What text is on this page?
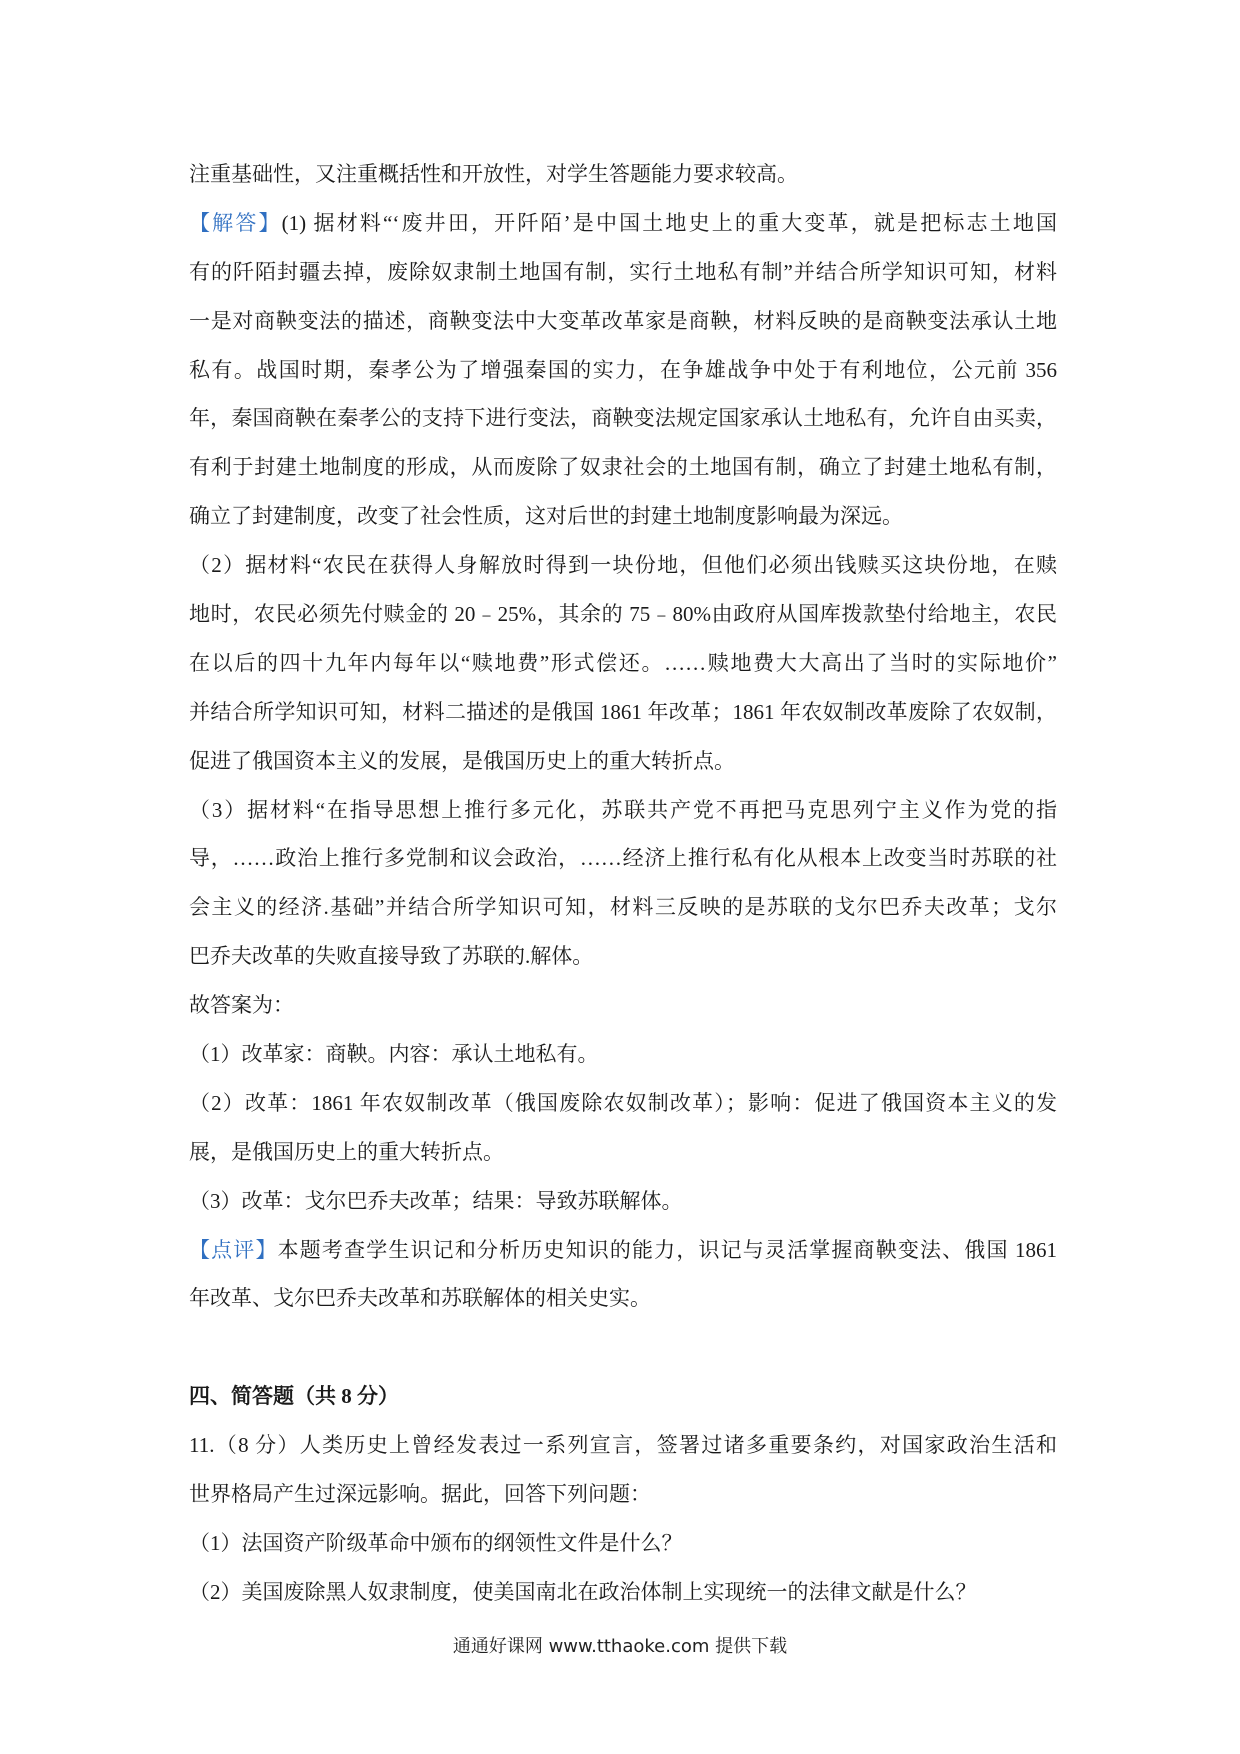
注重基础性，又注重概括性和开放性，对学生答题能力要求较高。

【解答】(1) 据材料“‘废井田，开阡陌’是中国土地史上的重大变革，就是把标志土地国

有的阡陌封疆去掉，废除奴隶制土地国有制，实行土地私有制”并结合所学知识可知，材料

一是对商鞅变法的描述，商鞅变法中大变革改革家是商鞅，材料反映的是商鞅变法承认土地

私有。战国时期，秦孝公为了增强秦国的实力，在争雄战争中处于有利地位，公元前 356

年，秦国商鞅在秦孝公的支持下进行变法，商鞅变法规定国家承认土地私有，允许自由买卖，

有利于封建土地制度的形成，从而废除了奴隶社会的土地国有制，确立了封建土地私有制，

确立了封建制度，改变了社会性质，这对后世的封建土地制度影响最为深远。

（2）据材料“农民在获得人身解放时得到一块份地，但他们必须出钱赎买这块份地，在赎

地时，农民必须先付赎金的 20﹣25%，其余的 75﹣80%由政府从国库拨款垫付给地主，农民

在以后的四十九年内每年以“赎地费”形式偿还。……赎地费大大高出了当时的实际地价”

并结合所学知识可知，材料二描述的是俄国 1861 年改革；1861 年农奴制改革废除了农奴制，

促进了俄国资本主义的发展，是俄国历史上的重大转折点。

（3）据材料“在指导思想上推行多元化，苏联共产党不再把马克思列宁主义作为党的指

导，……政治上推行多党制和议会政治，……经济上推行私有化从根本上改变当时苏联的社

会主义的经济.基础”并结合所学知识可知，材料三反映的是苏联的戈尔巴乔夫改革；戈尔

巴乔夫改革的失败直接导致了苏联的.解体。

故答案为：

（1）改革家：商鞅。内容：承认土地私有。

（2）改革：1861 年农奴制改革（俄国废除农奴制改革）；影响：促进了俄国资本主义的发

展，是俄国历史上的重大转折点。

（3）改革：戈尔巴乔夫改革；结果：导致苏联解体。

【点评】本题考查学生识记和分析历史知识的能力，识记与灵活掌握商鞅变法、俄国 1861

年改革、戈尔巴乔夫改革和苏联解体的相关史实。

四、简答题（共 8 分）

11.（8 分）人类历史上曾经发表过一系列宣言，签署过诸多重要条约，对国家政治生活和

世界格局产生过深远影响。据此，回答下列问题：

（1）法国资产阶级革命中颁布的纲领性文件是什么？

（2）美国废除黑人奴隶制度，使美国南北在政治体制上实现统一的法律文献是什么？

通通好课网 www.tthaoke.com 提供下载
